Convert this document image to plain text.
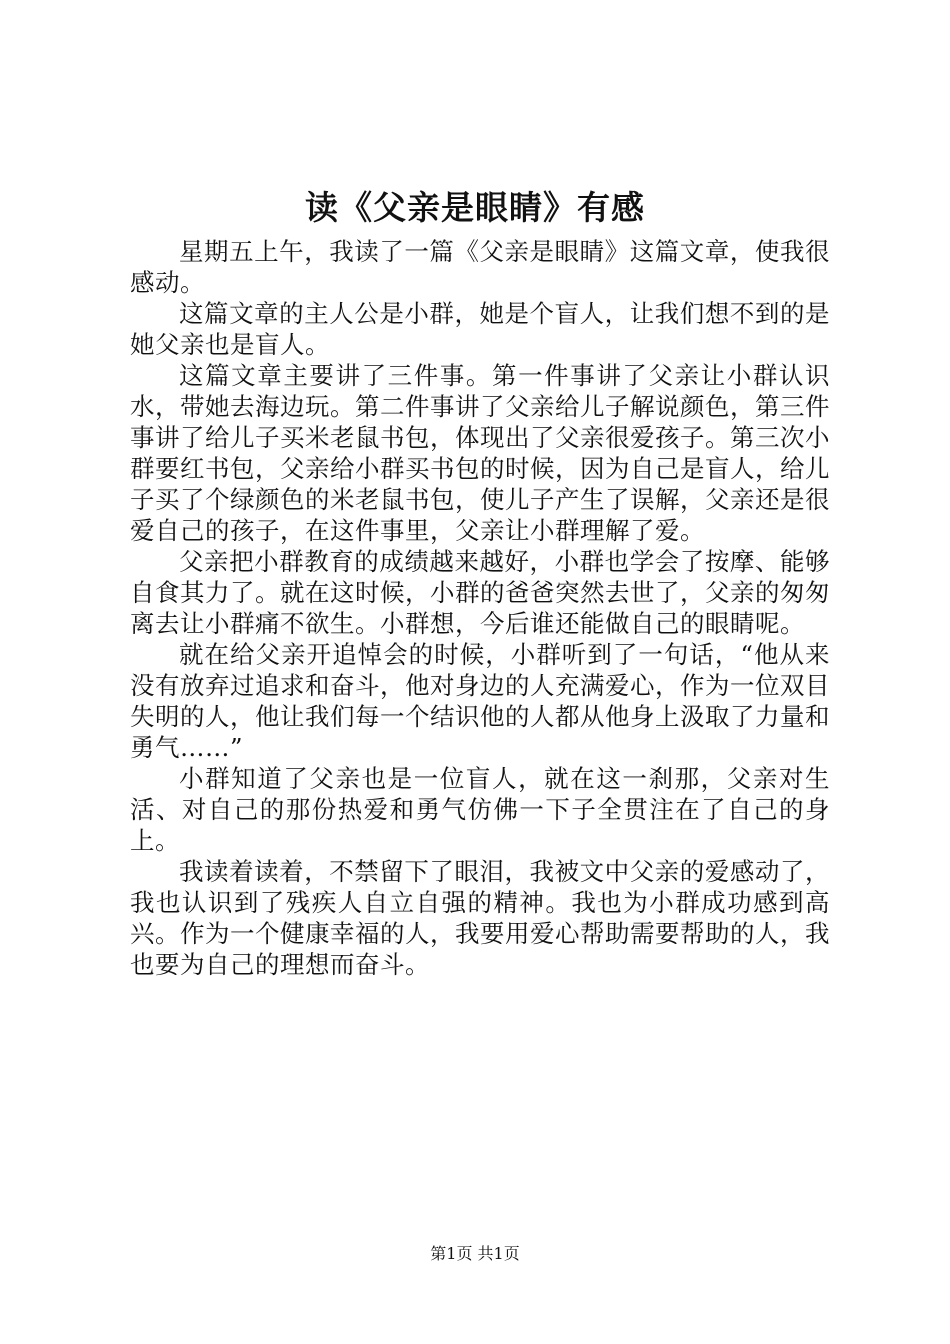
读《父亲是眼睛》有感

星期五上午，我读了一篇《父亲是眼睛》这篇文章，使我很感动。

这篇文章的主人公是小群，她是个盲人，让我们想不到的是她父亲也是盲人。

这篇文章主要讲了三件事。第一件事讲了父亲让小群认识水，带她去海边玩。第二件事讲了父亲给儿子解说颜色，第三件事讲了给儿子买米老鼠书包，体现出了父亲很爱孩子。第三次小群要红书包，父亲给小群买书包的时候，因为自己是盲人，给儿子买了个绿颜色的米老鼠书包，使儿子产生了误解，父亲还是很爱自己的孩子，在这件事里，父亲让小群理解了爱。

父亲把小群教育的成绩越来越好，小群也学会了按摩、能够自食其力了。就在这时候，小群的爸爸突然去世了，父亲的匆匆离去让小群痛不欲生。小群想，今后谁还能做自己的眼睛呢。

就在给父亲开追悼会的时候，小群听到了一句话，“他从来没有放弃过追求和奋斗，他对身边的人充满爱心，作为一位双目失明的人，他让我们每一个结识他的人都从他身上汲取了力量和勇气……”

小群知道了父亲也是一位盲人，就在这一刹那，父亲对生活、对自己的那份热爱和勇气仿佛一下子全贯注在了自己的身上。

我读着读着，不禁留下了眼泪，我被文中父亲的爱感动了，我也认识到了残疾人自立自强的精神。我也为小群成功感到高兴。作为一个健康幸福的人，我要用爱心帮助需要帮助的人，我也要为自己的理想而奋斗。

第1页 共1页
